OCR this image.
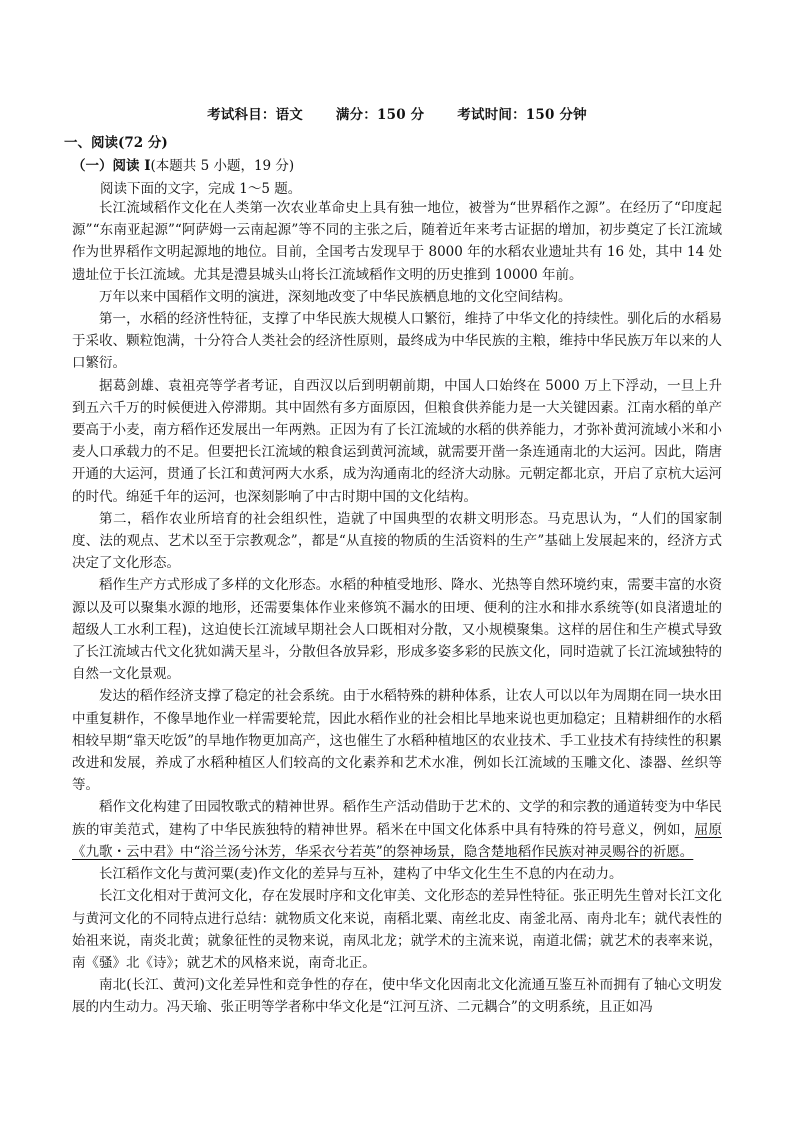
考试科目：语文 满分：150 分 考试时间：150 分钟
一、阅读(72 分)
（一）阅读 I(本题共 5 小题，19 分)
阅读下面的文字，完成 1～5 题。

长江流域稻作文化在人类第一次农业革命史上具有独一地位，被誉为“世界稻作之源”。在经历了“印度起源”“东南亚起源”“阿萨姆一云南起源”等不同的主张之后，随着近年来考古证据的增加，初步奠定了长江流域作为世界稻作文明起源地的地位。目前，全国考古发现早于 8000 年的水稻农业遗址共有 16 处，其中 14 处遗址位于长江流域。尤其是澧县城头山将长江流域稻作文明的历史推到 10000 年前。

万年以来中国稻作文明的演进，深刻地改变了中华民族栖息地的文化空间结构。

第一，水稻的经济性特征，支撑了中华民族大规模人口繁衍，维持了中华文化的持续性。驯化后的水稻易于采收、颗粒饱满，十分符合人类社会的经济性原则，最终成为中华民族的主粮，维持中华民族万年以来的人口繁衍。

据葛剑雄、袁祖亮等学者考证，自西汉以后到明朝前期，中国人口始终在 5000 万上下浮动，一旦上升到五六千万的时候便进入停滞期。其中固然有多方面原因，但粮食供养能力是一大关键因素。江南水稻的单产要高于小麦，南方稻作还发展出一年两熟。正因为有了长江流域的水稻的供养能力，才弥补黄河流域小米和小麦人口承载力的不足。但要把长江流域的粮食运到黄河流域，就需要开凿一条连通南北的大运河。因此，隋唐开通的大运河，贯通了长江和黄河两大水系，成为沟通南北的经济大动脉。元朝定都北京，开启了京杭大运河的时代。绵延千年的运河，也深刻影响了中古时期中国的文化结构。

第二，稻作农业所培育的社会组织性，造就了中国典型的农耕文明形态。马克思认为，“人们的国家制度、法的观点、艺术以至于宗教观念”，都是“从直接的物质的生活资料的生产”基础上发展起来的，经济方式决定了文化形态。

稻作生产方式形成了多样的文化形态。水稻的种植受地形、降水、光热等自然环境约束，需要丰富的水资源以及可以聚集水源的地形，还需要集体作业来修筑不漏水的田埂、便利的注水和排水系统等(如良渚遗址的超级人工水利工程)，这迫使长江流域早期社会人口既相对分散，又小规模聚集。这样的居住和生产模式导致了长江流域古代文化犹如满天星斗，分散但各放异彩，形成多姿多彩的民族文化，同时造就了长江流域独特的自然一文化景观。

发达的稻作经济支撑了稳定的社会系统。由于水稻特殊的耕种体系，让农人可以以年为周期在同一块水田中重复耕作，不像旱地作业一样需要轮荒，因此水稻作业的社会相比旱地来说也更加稳定；且精耕细作的水稻相较早期“靠天吃饭”的旱地作物更加高产，这也催生了水稻种植地区的农业技术、手工业技术有持续性的积累改进和发展，养成了水稻种植区人们较高的文化素养和艺术水准，例如长江流域的玉雕文化、漆器、丝织等等。

稻作文化构建了田园牧歌式的精神世界。稻作生产活动借助于艺术的、文学的和宗教的通道转变为中华民族的审美范式，建构了中华民族独特的精神世界。稻米在中国文化体系中具有特殊的符号意义，例如，屈原《九歌・云中君》中“浴兰汤兮沐芳，华采衣兮若英”的祭神场景，隐含楚地稻作民族对神灵赐谷的祈愿。

长江稻作文化与黄河粟(麦)作文化的差异与互补，建构了中华文化生生不息的内在动力。

长江文化相对于黄河文化，存在发展时序和文化审美、文化形态的差异性特征。张正明先生曾对长江文化与黄河文化的不同特点进行总结：就物质文化来说，南稻北粟、南丝北皮、南釜北鬲、南舟北车；就代表性的始祖来说，南炎北黄；就象征性的灵物来说，南凤北龙；就学术的主流来说，南道北儒；就艺术的表率来说，南《骚》北《诗》；就艺术的风格来说，南奇北正。

南北(长江、黄河)文化差异性和竞争性的存在，使中华文化因南北文化流通互鉴互补而拥有了轴心文明发展的内生动力。冯天瑜、张正明等学者称中华文化是“江河互济、二元耦合”的文明系统，且正如冯
